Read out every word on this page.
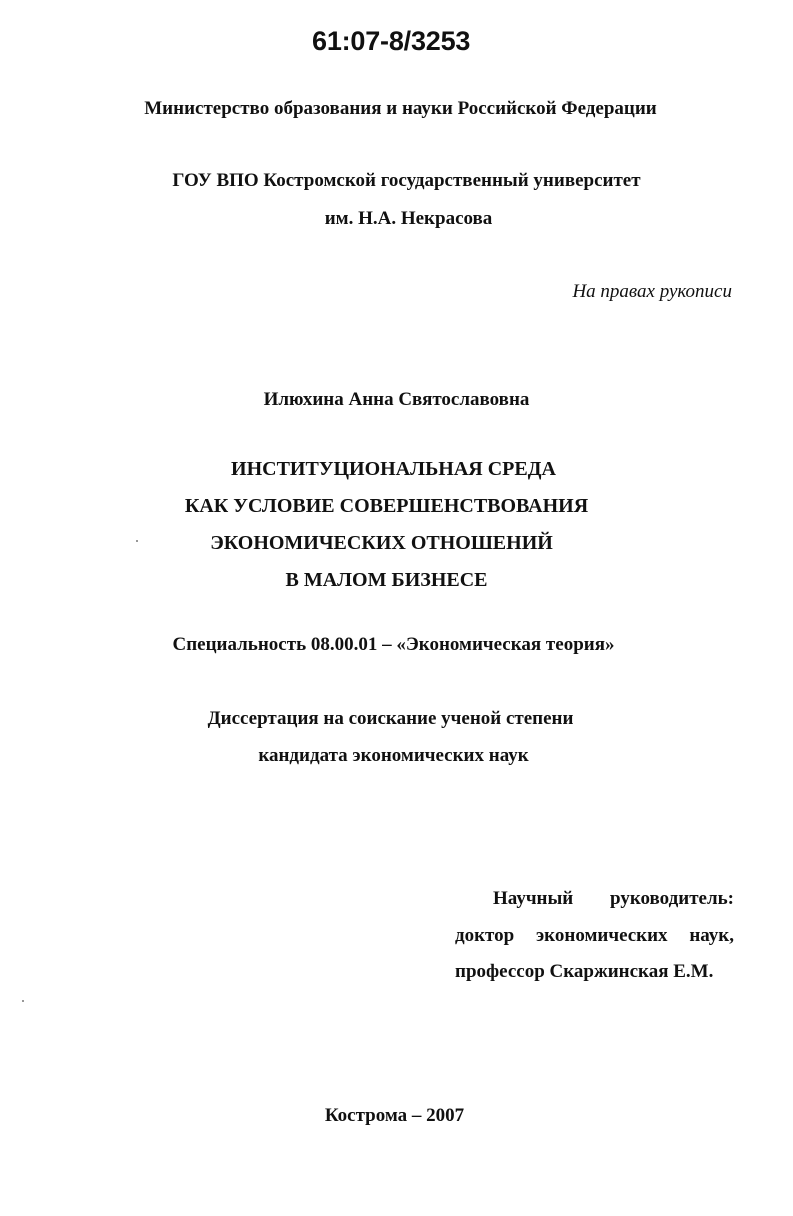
61:07-8/3253
Министерство образования и науки Российской Федерации
ГОУ ВПО Костромской государственный университет
им. Н.А. Некрасова
На правах рукописи
Илюхина Анна Святославовна
ИНСТИТУЦИОНАЛЬНАЯ СРЕДА
КАК УСЛОВИЕ СОВЕРШЕНСТВОВАНИЯ
ЭКОНОМИЧЕСКИХ ОТНОШЕНИЙ
В МАЛОМ БИЗНЕСЕ
Специальность 08.00.01 – «Экономическая теория»
Диссертация на соискание ученой степени
кандидата экономических наук
Научный руководитель:
доктор экономических наук,
профессор Скаржинская Е.М.
Кострома – 2007
